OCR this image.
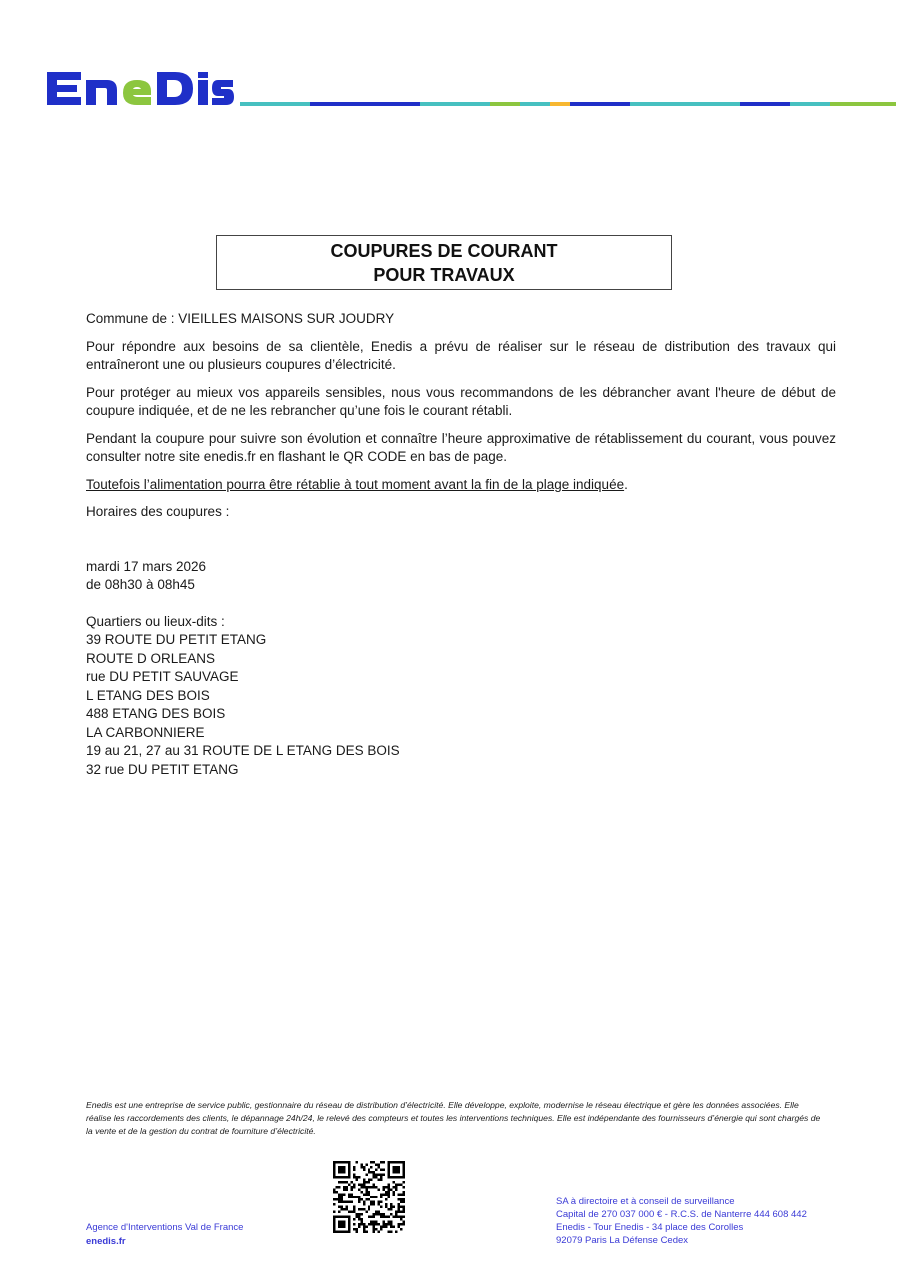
COUPURES DE COURANT
POUR TRAVAUX

Commune de : VIEILLES MAISONS SUR JOUDRY

Pour répondre aux besoins de sa clientèle, Enedis a prévu de réaliser sur le réseau de distribution des travaux qui entraîneront une ou plusieurs coupures d’électricité.

Pour protéger au mieux vos appareils sensibles, nous vous recommandons de les débrancher avant l'heure de début de coupure indiquée, et de ne les rebrancher qu’une fois le courant rétabli.

Pendant la coupure pour suivre son évolution et connaître l’heure approximative de rétablissement du courant, vous pouvez consulter notre site enedis.fr en flashant le QR CODE en bas de page.

Toutefois l’alimentation pourra être rétablie à tout moment avant la fin de la plage indiquée.

Horaires des coupures :

mardi 17 mars 2026
de 08h30 à 08h45
Quartiers ou lieux-dits :
39 ROUTE DU PETIT ETANG
ROUTE D ORLEANS
rue DU PETIT SAUVAGE
L ETANG DES BOIS
488 ETANG DES BOIS
LA CARBONNIERE
19 au 21, 27 au 31 ROUTE DE L ETANG DES BOIS
32 rue DU PETIT ETANG
Enedis est une entreprise de service public, gestionnaire du réseau de distribution d’électricité. Elle développe, exploite, modernise le réseau électrique et gère les données associées. Elle réalise les raccordements des clients, le dépannage 24h/24, le relevé des compteurs et toutes les interventions techniques. Elle est indépendante des fournisseurs d’énergie qui sont chargés de la vente et de la gestion du contrat de fourniture d’électricité.
Agence d'Interventions Val de France
enedis.fr
SA à directoire et à conseil de surveillance
Capital de 270 037 000 € - R.C.S. de Nanterre 444 608 442
Enedis - Tour Enedis - 34 place des Corolles
92079 Paris La Défense Cedex
